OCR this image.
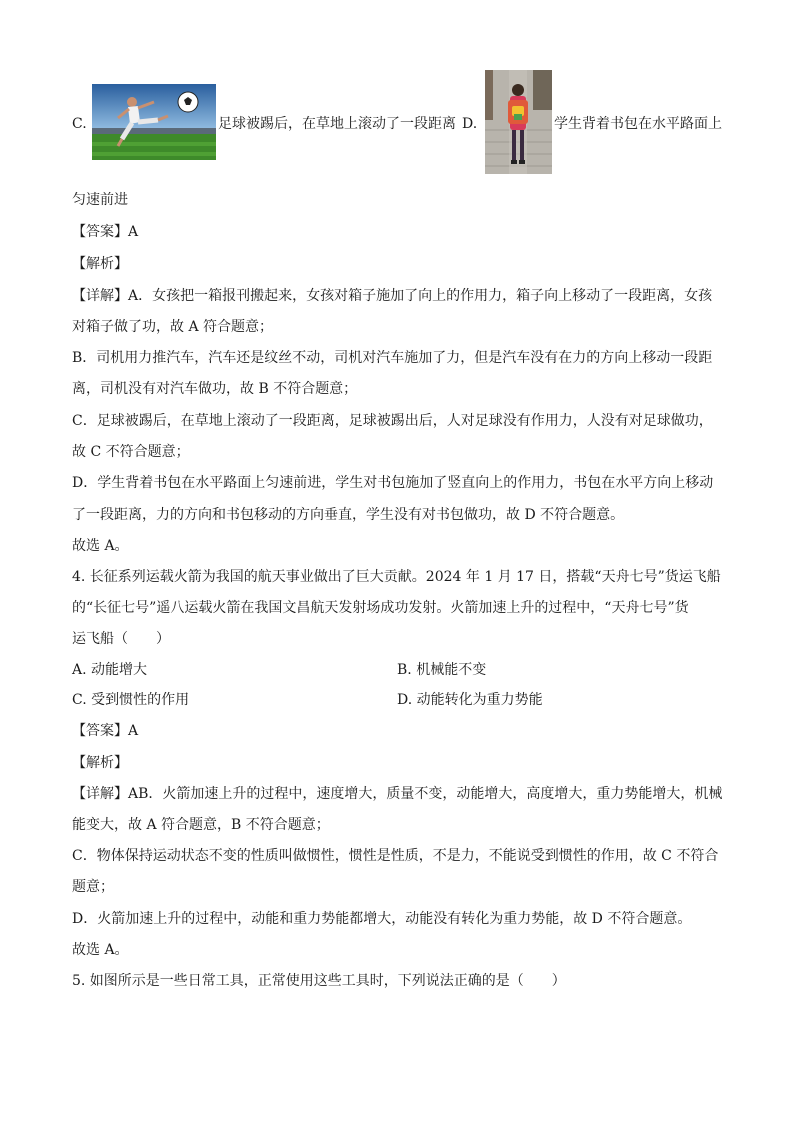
C.	足球被踢后，在草地上滚动了一段距离 D.	学生背着书包在水平路面上
匀速前进
【答案】A
【解析】
【详解】A．女孩把一箱报刊搬起来，女孩对箱子施加了向上的作用力，箱子向上移动了一段距离，女孩
对箱子做了功，故 A 符合题意；
B．司机用力推汽车，汽车还是纹丝不动，司机对汽车施加了力，但是汽车没有在力的方向上移动一段距
离，司机没有对汽车做功，故 B 不符合题意；
C．足球被踢后，在草地上滚动了一段距离，足球被踢出后，人对足球没有作用力，人没有对足球做功，
故 C 不符合题意；
D．学生背着书包在水平路面上匀速前进，学生对书包施加了竖直向上的作用力，书包在水平方向上移动
了一段距离，力的方向和书包移动的方向垂直，学生没有对书包做功，故 D 不符合题意。
故选 A。
4. 长征系列运载火箭为我国的航天事业做出了巨大贡献。2024 年 1 月 17 日，搭载“天舟七号”货运飞船
的“长征七号”遥八运载火箭在我国文昌航天发射场成功发射。火箭加速上升的过程中，“天舟七号”货
运飞船（　　）
A. 动能增大	B. 机械能不变
C. 受到惯性的作用	D. 动能转化为重力势能
【答案】A
【解析】
【详解】AB．火箭加速上升的过程中，速度增大，质量不变，动能增大，高度增大，重力势能增大，机械
能变大，故 A 符合题意，B 不符合题意；
C．物体保持运动状态不变的性质叫做惯性，惯性是性质，不是力，不能说受到惯性的作用，故 C 不符合
题意；
D．火箭加速上升的过程中，动能和重力势能都增大，动能没有转化为重力势能，故 D 不符合题意。
故选 A。
5. 如图所示是一些日常工具，正常使用这些工具时，下列说法正确的是（　　）
